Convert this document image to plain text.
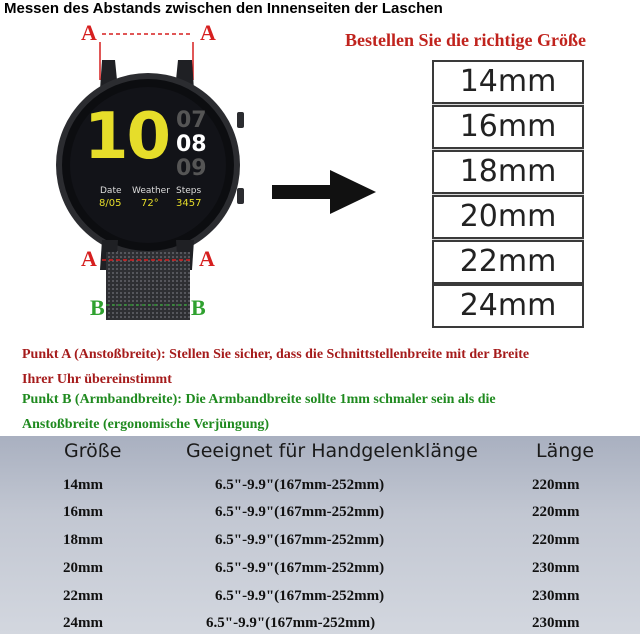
Messen des Abstands zwischen den Innenseiten der Laschen
10 07
08
09
Date
8/05
Weather
72°
Steps
3457
A	A
A	A
B	B
Bestellen Sie die richtige Größe
14mm
16mm
18mm
20mm
22mm
24mm
Punkt A (Anstoßbreite): Stellen Sie sicher, dass die Schnittstellenbreite mit der Breite
Ihrer Uhr übereinstimmt
Punkt B (Armbandbreite): Die Armbandbreite sollte 1mm schmaler sein als die
Anstoßbreite (ergonomische Verjüngung)
Größe	Geeignet für Handgelenklänge	Länge
14mm	6.5"-9.9"(167mm-252mm)	220mm
16mm	6.5"-9.9"(167mm-252mm)	220mm
18mm	6.5"-9.9"(167mm-252mm)	220mm
20mm	6.5"-9.9"(167mm-252mm)	230mm
22mm	6.5"-9.9"(167mm-252mm)	230mm
24mm	6.5"-9.9"(167mm-252mm)	230mm
